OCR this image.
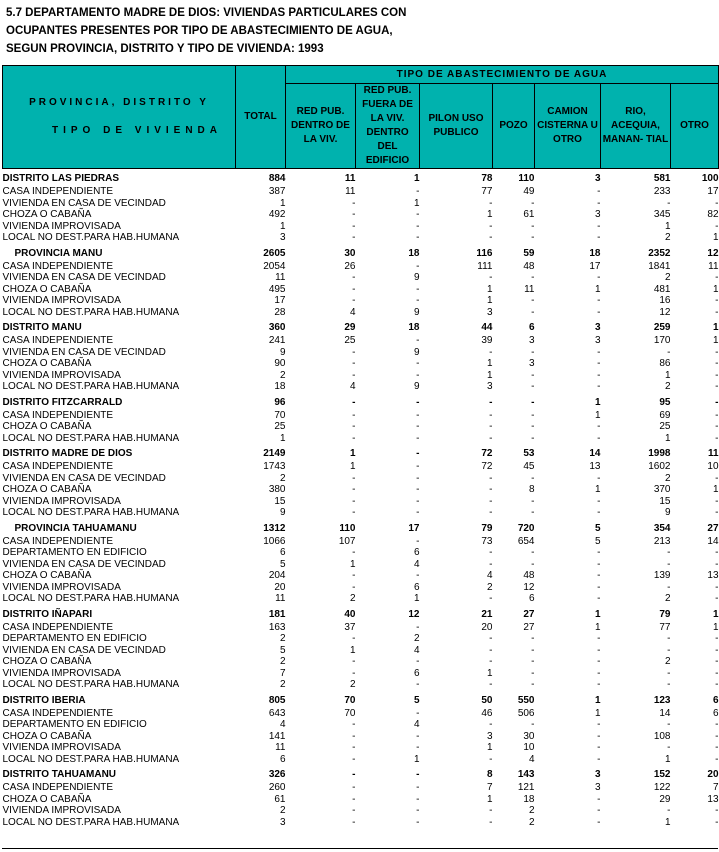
5.7 DEPARTAMENTO MADRE DE DIOS: VIVIENDAS PARTICULARES CON
OCUPANTES PRESENTES POR TIPO DE ABASTECIMIENTO DE AGUA,
SEGUN PROVINCIA, DISTRITO Y TIPO DE VIVIENDA: 1993
PROVINCIA, DISTRITO Y
TIPO DE VIVIENDA	TOTAL	TIPO DE ABASTECIMIENTO DE AGUA						
		RED PUB. DENTRO DE LA VIV.	RED PUB. FUERA DE LA VIV. DENTRO DEL EDIFICIO	PILON USO PUBLICO	POZO	CAMION CISTERNA U OTRO	RIO, ACEQUIA, MANAN- TIAL	OTRO
DISTRITO LAS PIEDRAS	884	11	1	78	110	3	581	100
CASA INDEPENDIENTE	387	11	-	77	49	-	233	17
VIVIENDA EN CASA DE VECINDAD	1	-	1	-	-	-	-	-
CHOZA O CABAÑA	492	-	-	1	61	3	345	82
VIVIENDA IMPROVISADA	1	-	-	-	-	-	1	-
LOCAL NO DEST.PARA HAB.HUMANA	3	-	-	-	-	-	2	1
PROVINCIA MANU	2605	30	18	116	59	18	2352	12
CASA INDEPENDIENTE	2054	26	-	111	48	17	1841	11
VIVIENDA EN CASA DE VECINDAD	11	-	9	-	-	-	2	-
CHOZA O CABAÑA	495	-	-	1	11	1	481	1
VIVIENDA IMPROVISADA	17	-	-	1	-	-	16	-
LOCAL NO DEST.PARA HAB.HUMANA	28	4	9	3	-	-	12	-
DISTRITO MANU	360	29	18	44	6	3	259	1
CASA INDEPENDIENTE	241	25	-	39	3	3	170	1
VIVIENDA EN CASA DE VECINDAD	9	-	9	-	-	-	-	-
CHOZA O CABAÑA	90	-	-	1	3	-	86	-
VIVIENDA IMPROVISADA	2	-	-	1	-	-	1	-
LOCAL NO DEST.PARA HAB.HUMANA	18	4	9	3	-	-	2	-
DISTRITO FITZCARRALD	96	-	-	-	-	1	95	-
CASA INDEPENDIENTE	70	-	-	-	-	1	69	-
CHOZA O CABAÑA	25	-	-	-	-	-	25	-
LOCAL NO DEST.PARA HAB.HUMANA	1	-	-	-	-	-	1	-
DISTRITO MADRE DE DIOS	2149	1	-	72	53	14	1998	11
CASA INDEPENDIENTE	1743	1	-	72	45	13	1602	10
VIVIENDA EN CASA DE VECINDAD	2	-	-	-	-	-	2	-
CHOZA O CABAÑA	380	-	-	-	8	1	370	1
VIVIENDA IMPROVISADA	15	-	-	-	-	-	15	-
LOCAL NO DEST.PARA HAB.HUMANA	9	-	-	-	-	-	9	-
PROVINCIA TAHUAMANU	1312	110	17	79	720	5	354	27
CASA INDEPENDIENTE	1066	107	-	73	654	5	213	14
DEPARTAMENTO EN EDIFICIO	6	-	6	-	-	-	-	-
VIVIENDA EN CASA DE VECINDAD	5	1	4	-	-	-	-	-
CHOZA O CABAÑA	204	-	-	4	48	-	139	13
VIVIENDA IMPROVISADA	20	-	6	2	12	-	-	-
LOCAL NO DEST.PARA HAB.HUMANA	11	2	1	-	6	-	2	-
DISTRITO IÑAPARI	181	40	12	21	27	1	79	1
CASA INDEPENDIENTE	163	37	-	20	27	1	77	1
DEPARTAMENTO EN EDIFICIO	2	-	2	-	-	-	-	-
VIVIENDA EN CASA DE VECINDAD	5	1	4	-	-	-	-	-
CHOZA O CABAÑA	2	-	-	-	-	-	2	-
VIVIENDA IMPROVISADA	7	-	6	1	-	-	-	-
LOCAL NO DEST.PARA HAB.HUMANA	2	2	-	-	-	-	-	-
DISTRITO IBERIA	805	70	5	50	550	1	123	6
CASA INDEPENDIENTE	643	70	-	46	506	1	14	6
DEPARTAMENTO EN EDIFICIO	4	-	4	-	-	-	-	-
CHOZA O CABAÑA	141	-	-	3	30	-	108	-
VIVIENDA IMPROVISADA	11	-	-	1	10	-	-	-
LOCAL NO DEST.PARA HAB.HUMANA	6	-	1	-	4	-	1	-
DISTRITO TAHUAMANU	326	-	-	8	143	3	152	20
CASA INDEPENDIENTE	260	-	-	7	121	3	122	7
CHOZA O CABAÑA	61	-	-	1	18	-	29	13
VIVIENDA IMPROVISADA	2	-	-	-	2	-	-	-
LOCAL NO DEST.PARA HAB.HUMANA	3	-	-	-	2	-	1	-
